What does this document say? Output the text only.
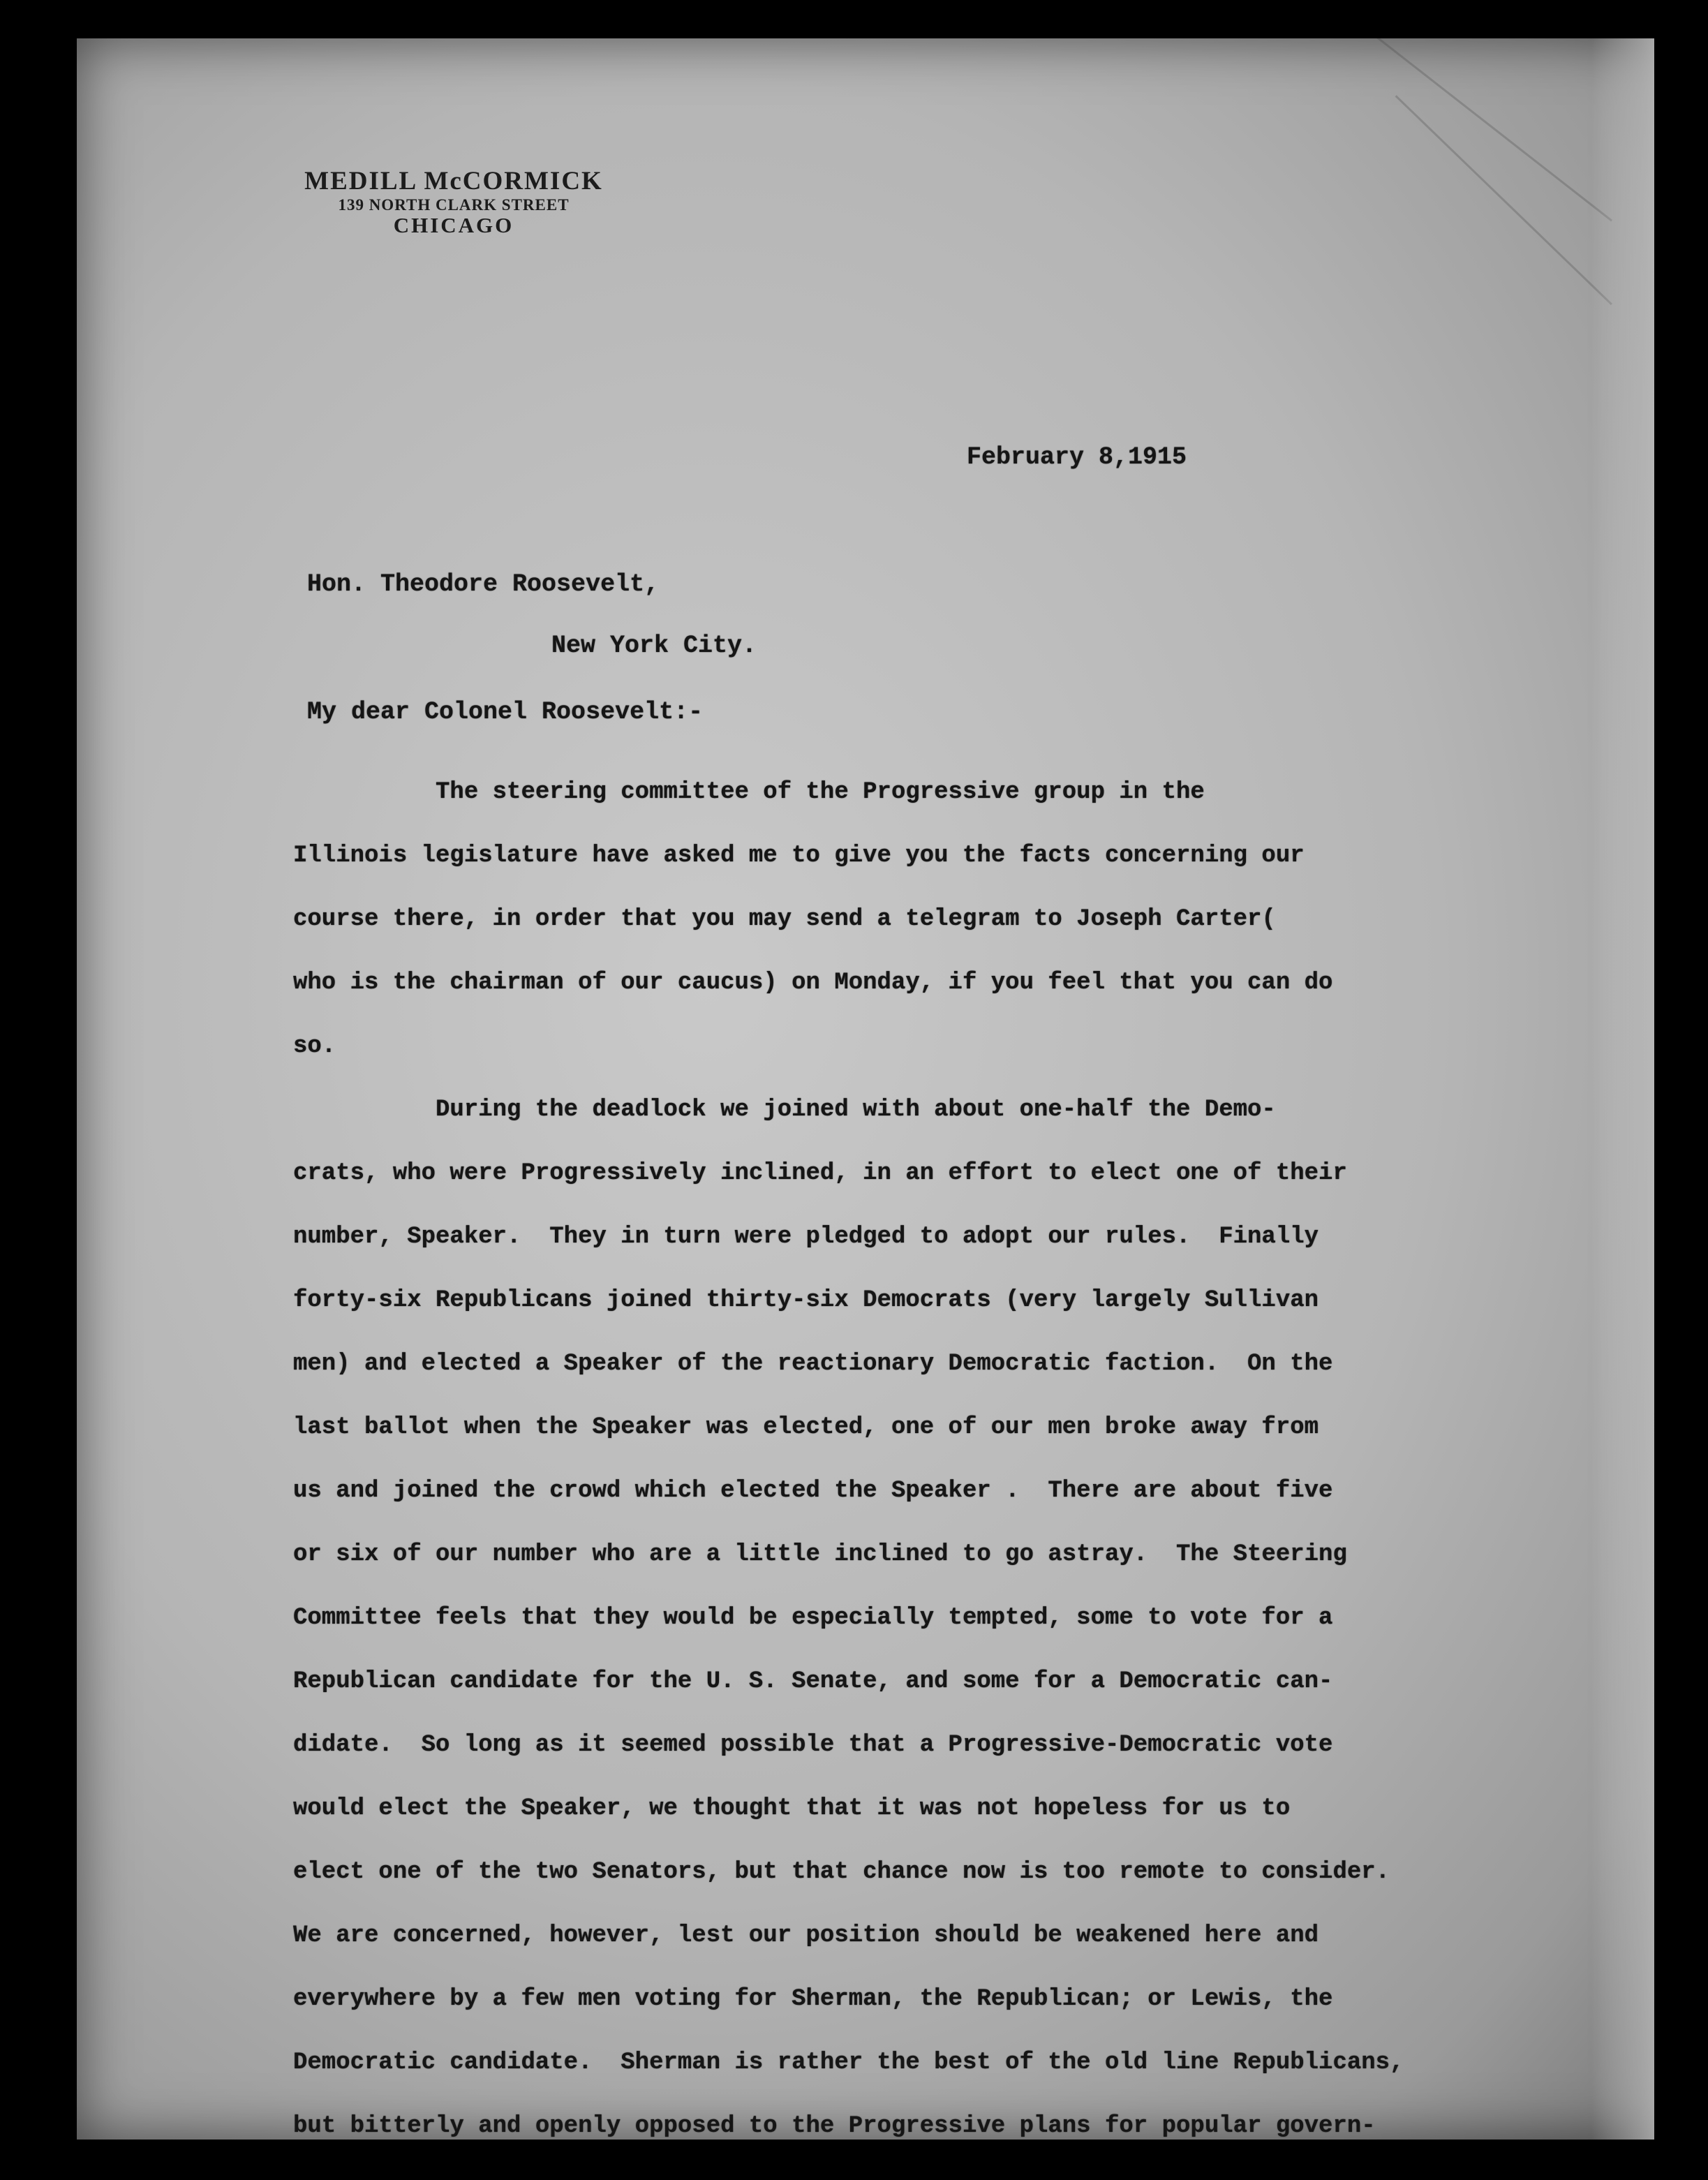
MEDILL McCORMICK
139 NORTH CLARK STREET
CHICAGO
February 8,1915
Hon. Theodore Roosevelt,
New York City.
My dear Colonel Roosevelt:-
The steering committee of the Progressive group in the
Illinois legislature have asked me to give you the facts concerning our
course there, in order that you may send a telegram to Joseph Carter(
who is the chairman of our caucus) on Monday, if you feel that you can do
so.
During the deadlock we joined with about one-half the Demo-
crats, who were Progressively inclined, in an effort to elect one of their
number, Speaker.  They in turn were pledged to adopt our rules.  Finally
forty-six Republicans joined thirty-six Democrats (very largely Sullivan
men) and elected a Speaker of the reactionary Democratic faction.  On the
last ballot when the Speaker was elected, one of our men broke away from
us and joined the crowd which elected the Speaker .  There are about five
or six of our number who are a little inclined to go astray.  The Steering
Committee feels that they would be especially tempted, some to vote for a
Republican candidate for the U. S. Senate, and some for a Democratic can-
didate.  So long as it seemed possible that a Progressive-Democratic vote
would elect the Speaker, we thought that it was not hopeless for us to
elect one of the two Senators, but that chance now is too remote to consider.
We are concerned, however, lest our position should be weakened here and
everywhere by a few men voting for Sherman, the Republican; or Lewis, the
Democratic candidate.  Sherman is rather the best of the old line Republicans,
but bitterly and openly opposed to the Progressive plans for popular govern-
